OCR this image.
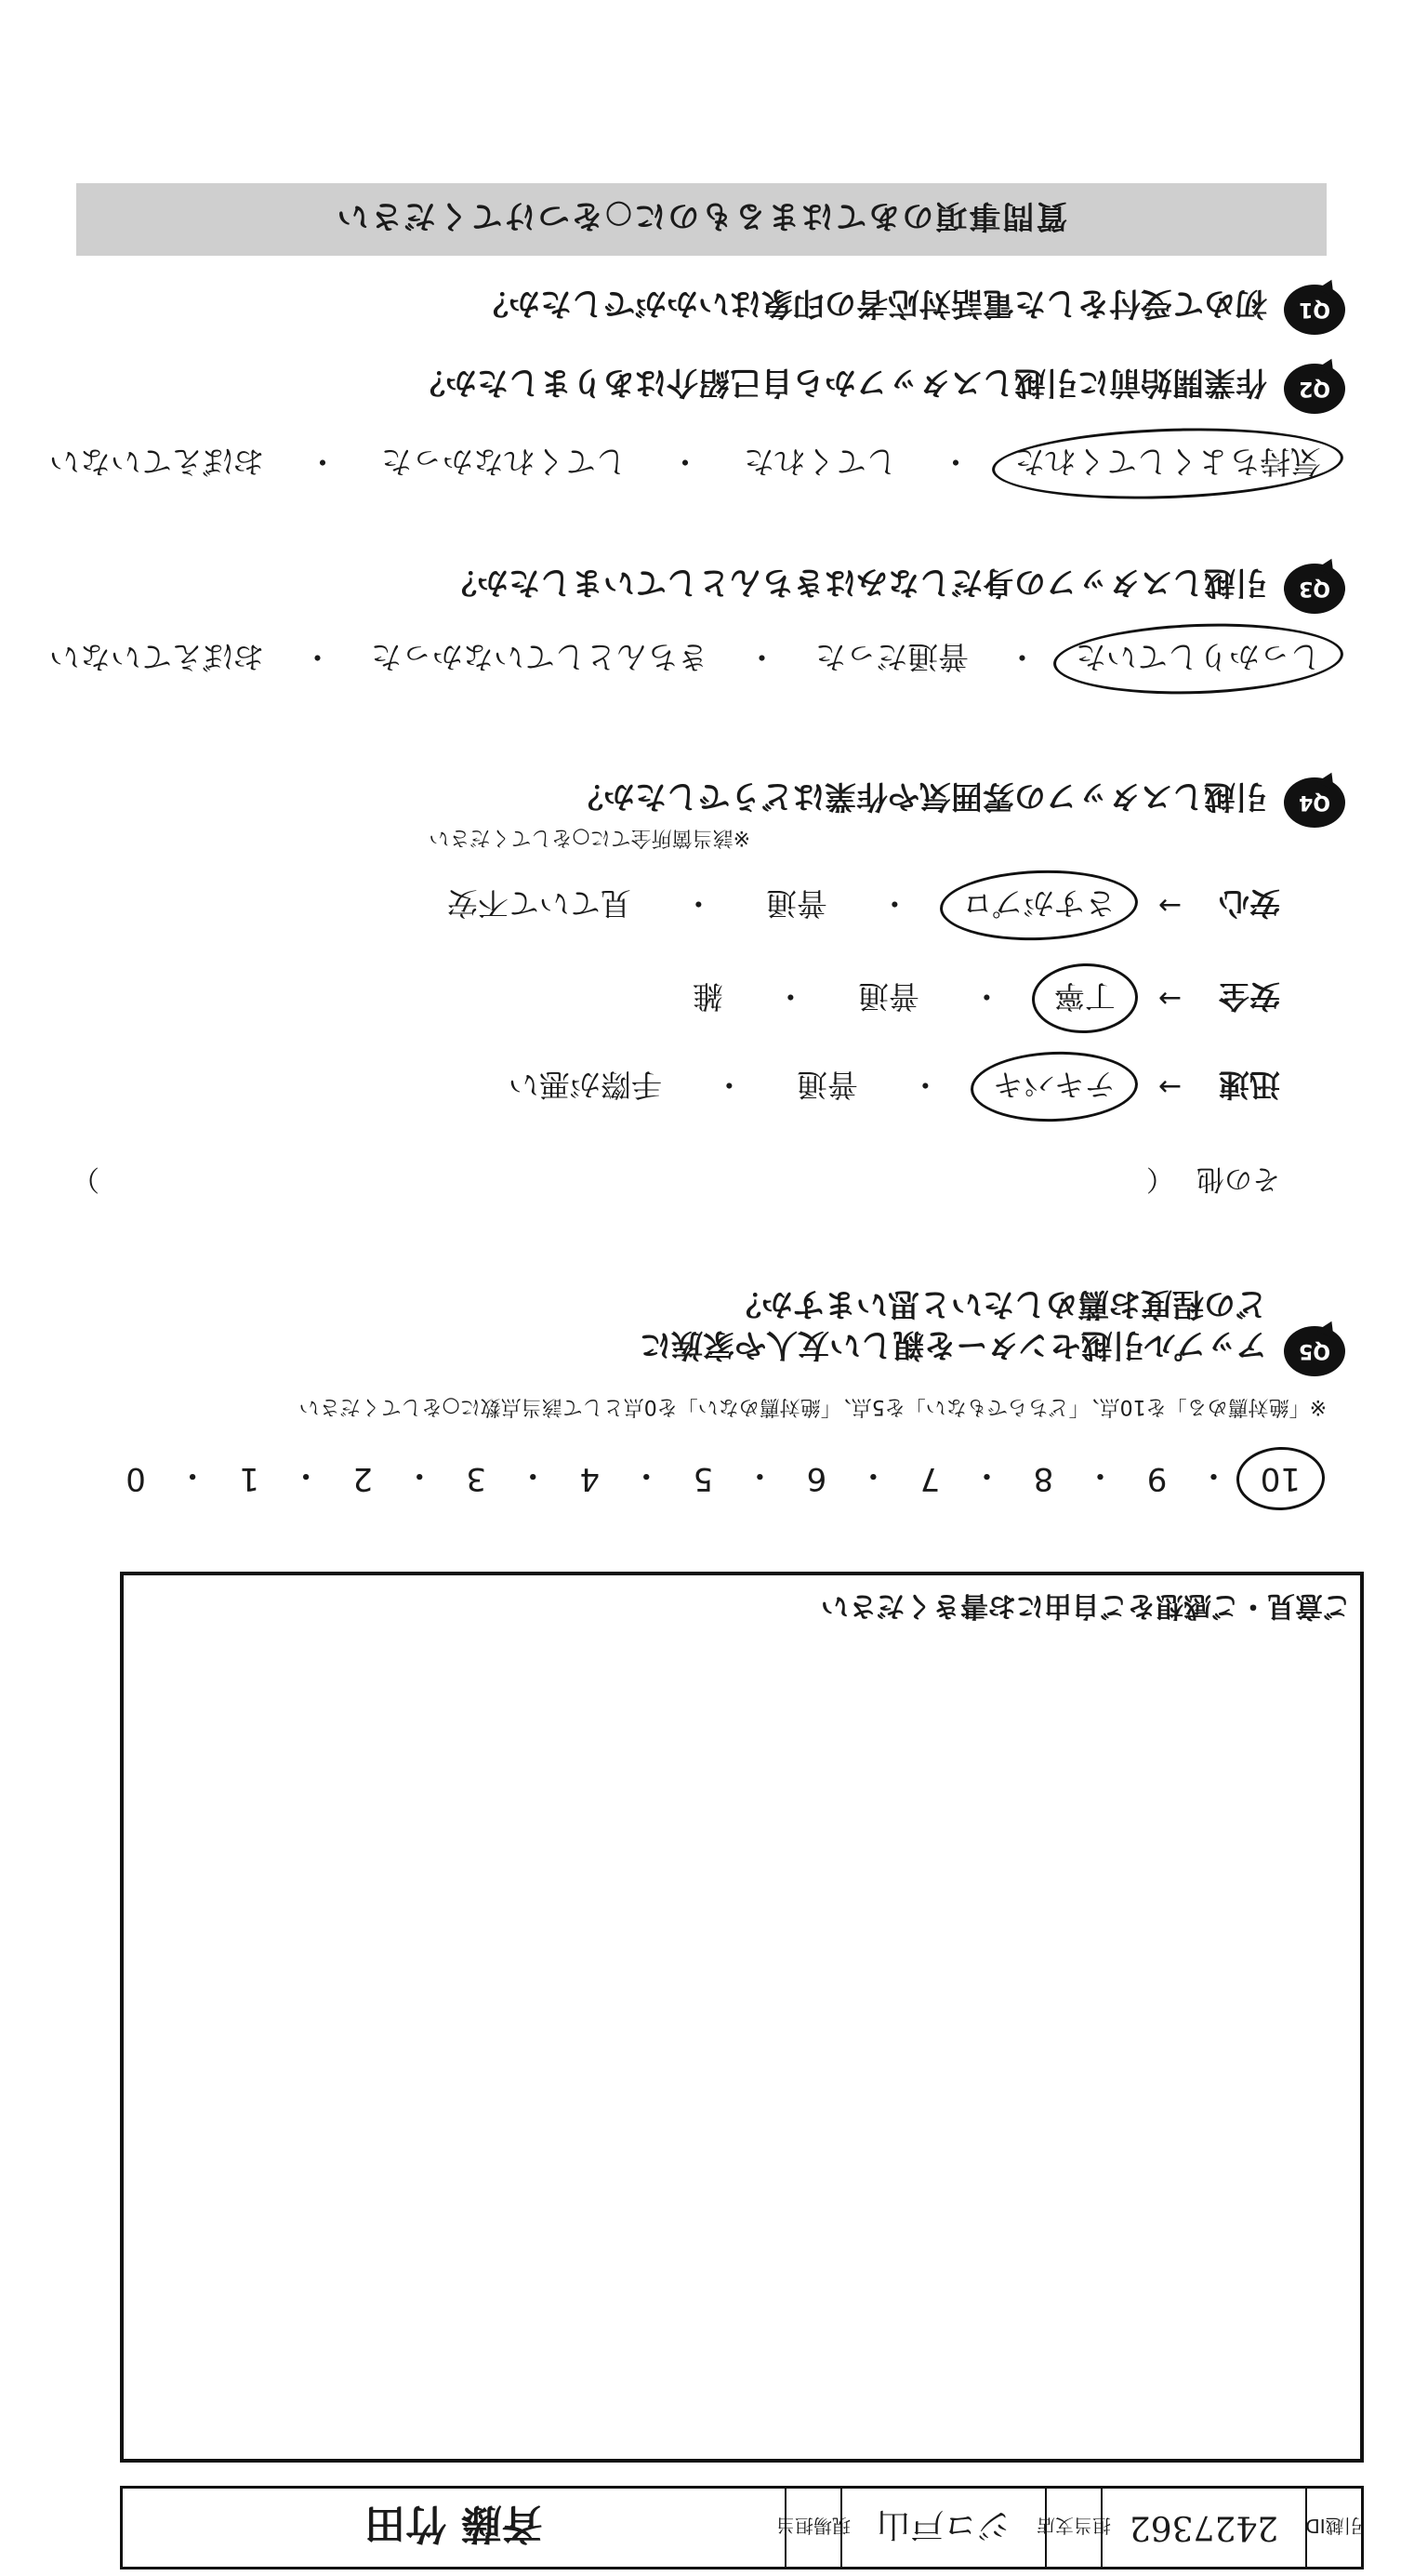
引越ID
2427362
担当支店
ジコ戸山
現場担当
斉藤 竹田
ご意見・ご感想をご自由にお書きください
Q5
アップル引越センターを親しい友人や家族に
どの程度お薦めしたいと思いますか？
※「絶対薦める」を10点、「どちらでもない」を5点、「絶対薦めない」を0点として該当点数に○をしてください
10
・
9
・
8
・
7
・
6
・
5
・
4
・
3
・
2
・
1
・
0
Q4
引越しスタッフの雰囲気や作業はどうでしたか？
※該当箇所全てに○をしてください
安心
→
さすがプロ
・
普通
・
見ていて不安
安全
→
丁寧
・
普通
・
雑
迅速
→
テキパキ
・
普通
・
手際が悪い
その他
（
）
Q3
引越しスタッフの身だしなみはきちんとしていましたか？
しっかりしていた
・
普通だった
・
きちんとしていなかった
・
おぼえていない
Q2
作業開始前に引越しスタッフから自己紹介はありましたか？
気持ちよくしてくれた
・
してくれた
・
してくれなかった
・
おぼえていない
Q1
初めて受付をした電話対応者の印象はいかがでしたか？
質問事項のあてはまるものに○をつけてください
